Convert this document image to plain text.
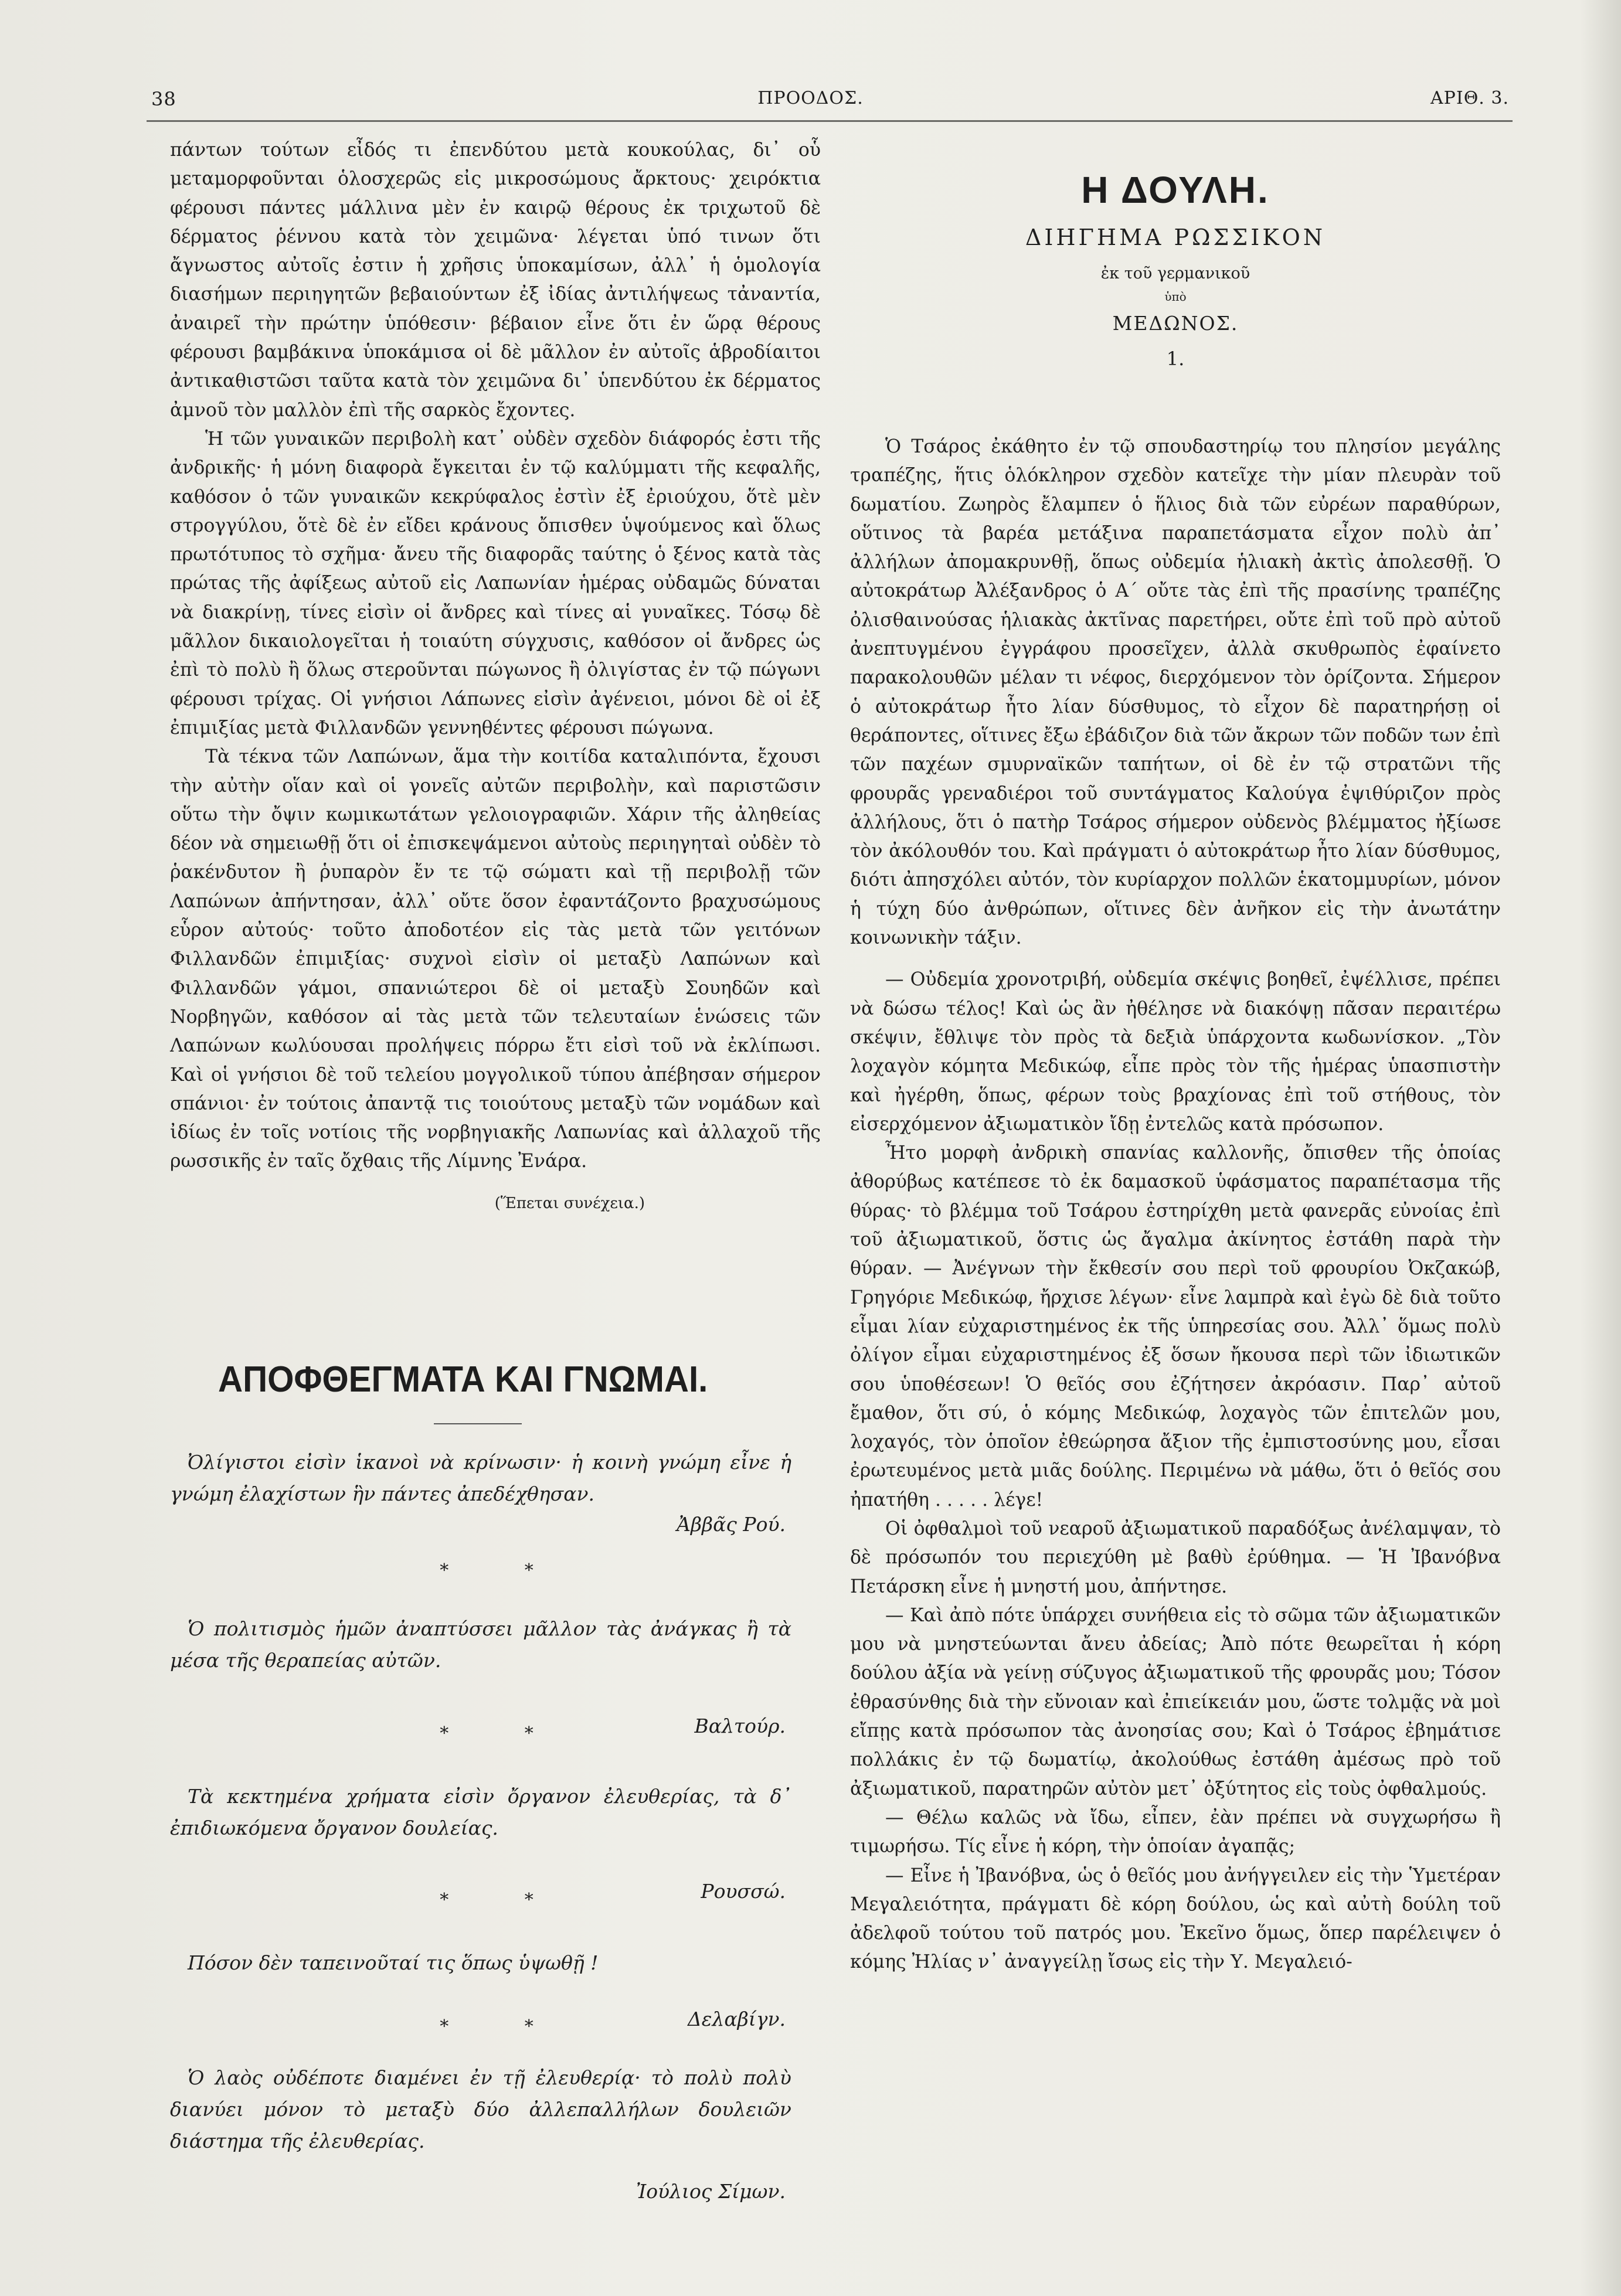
38	ΠΡΟΟΔΟΣ.	ΑΡΙΘ. 3.

πάντων τούτων εἶδός τι ἐπενδύτου μετὰ κουκούλας, δι᾿ οὗ μεταμορφοῦνται ὁλοσχερῶς εἰς μικροσώμους ἄρκτους· χειρόκτια φέρουσι πάντες μάλλινα μὲν ἐν καιρῷ θέρους ἐκ τριχωτοῦ δὲ δέρματος ῥέννου κατὰ τὸν χειμῶνα· λέγεται ὑπό τινων ὅτι ἄγνωστος αὐτοῖς ἐστιν ἡ χρῆσις ὑποκαμίσων, ἀλλ᾿ ἡ ὁμολογία διασήμων περιηγητῶν βεβαιούντων ἐξ ἰδίας ἀντιλήψεως τἀναντία, ἀναιρεῖ τὴν πρώτην ὑπόθεσιν· βέβαιον εἶνε ὅτι ἐν ὥρᾳ θέρους φέρουσι βαμβάκινα ὑποκάμισα οἱ δὲ μᾶλλον ἐν αὐτοῖς ἁβροδίαιτοι ἀντικαθιστῶσι ταῦτα κατὰ τὸν χειμῶνα δι᾿ ὑπενδύτου ἐκ δέρματος ἀμνοῦ τὸν μαλλὸν ἐπὶ τῆς σαρκὸς ἔχοντες.

Ἡ τῶν γυναικῶν περιβολὴ κατ᾿ οὐδὲν σχεδὸν διάφορός ἐστι τῆς ἀνδρικῆς· ἡ μόνη διαφορὰ ἔγκειται ἐν τῷ καλύμματι τῆς κεφαλῆς, καθόσον ὁ τῶν γυναικῶν κεκρύφαλος ἐστὶν ἐξ ἐριούχου, ὅτὲ μὲν στρογγύλου, ὅτὲ δὲ ἐν εἴδει κράνους ὄπισθεν ὑψούμενος καὶ ὅλως πρωτότυπος τὸ σχῆμα· ἄνευ τῆς διαφορᾶς ταύτης ὁ ξένος κατὰ τὰς πρώτας τῆς ἀφίξεως αὐτοῦ εἰς Λαπωνίαν ἡμέρας οὐδαμῶς δύναται νὰ διακρίνῃ, τίνες εἰσὶν οἱ ἄνδρες καὶ τίνες αἱ γυναῖκες. Τόσῳ δὲ μᾶλλον δικαιολογεῖται ἡ τοιαύτη σύγχυσις, καθόσον οἱ ἄνδρες ὡς ἐπὶ τὸ πολὺ ἢ ὅλως στεροῦνται πώγωνος ἢ ὀλιγίστας ἐν τῷ πώγωνι φέρουσι τρίχας. Οἱ γνήσιοι Λάπωνες εἰσὶν ἀγένειοι, μόνοι δὲ οἱ ἐξ ἐπιμιξίας μετὰ Φιλλανδῶν γεννηθέντες φέρουσι πώγωνα.

Τὰ τέκνα τῶν Λαπώνων, ἅμα τὴν κοιτίδα καταλιπόντα, ἔχουσι τὴν αὐτὴν οἵαν καὶ οἱ γονεῖς αὐτῶν περιβολὴν, καὶ παριστῶσιν οὕτω τὴν ὄψιν κωμικωτάτων γελοιογραφιῶν. Χάριν τῆς ἀληθείας δέον νὰ σημειωθῇ ὅτι οἱ ἐπισκεψάμενοι αὐτοὺς περιηγηταὶ οὐδὲν τὸ ῥακένδυτον ἢ ῥυπαρὸν ἔν τε τῷ σώματι καὶ τῇ περιβολῇ τῶν Λαπώνων ἀπήντησαν, ἀλλ᾿ οὔτε ὅσον ἐφαντάζοντο βραχυσώμους εὗρον αὐτούς· τοῦτο ἀποδοτέον εἰς τὰς μετὰ τῶν γειτόνων Φιλλανδῶν ἐπιμιξίας· συχνοὶ εἰσὶν οἱ μεταξὺ Λαπώνων καὶ Φιλλανδῶν γάμοι, σπανιώτεροι δὲ οἱ μεταξὺ Σουηδῶν καὶ Νορβηγῶν, καθόσον αἱ τὰς μετὰ τῶν τελευταίων ἑνώσεις τῶν Λαπώνων κωλύουσαι προλήψεις πόρρω ἔτι εἰσὶ τοῦ νὰ ἐκλίπωσι. Καὶ οἱ γνήσιοι δὲ τοῦ τελείου μογγολικοῦ τύπου ἀπέβησαν σήμερον σπάνιοι· ἐν τούτοις ἀπαντᾷ τις τοιούτους μεταξὺ τῶν νομάδων καὶ ἰδίως ἐν τοῖς νοτίοις τῆς νορβηγιακῆς Λαπωνίας καὶ ἀλλαχοῦ τῆς ρωσσικῆς ἐν ταῖς ὄχθαις τῆς Λίμνης Ἐνάρα.

(Ἕπεται συνέχεια.)
ΑΠΟΦΘΕΓΜΑΤΑ ΚΑΙ ΓΝΩΜΑΙ.
Ὀλίγιστοι εἰσὶν ἱκανοὶ νὰ κρίνωσιν· ἡ κοινὴ γνώμη εἶνε ἡ γνώμη ἐλαχίστων ἣν πάντες ἀπεδέχθησαν.
Ἀββᾶς Ρού.
* *
Ὁ πολιτισμὸς ἡμῶν ἀναπτύσσει μᾶλλον τὰς ἀνάγκας ἢ τὰ μέσα τῆς θεραπείας αὐτῶν.
* *	Βαλτούρ.
Τὰ κεκτημένα χρήματα εἰσὶν ὄργανον ἐλευθερίας, τὰ δ᾿ ἐπιδιωκόμενα ὄργανον δουλείας.
* *	Ρουσσώ.
Πόσον δὲν ταπεινοῦταί τις ὅπως ὑψωθῇ !
* *	Δελαβίγν.
Ὁ λαὸς οὐδέποτε διαμένει ἐν τῇ ἐλευθερίᾳ· τὸ πολὺ πολὺ διανύει μόνον τὸ μεταξὺ δύο ἀλλεπαλλήλων δουλειῶν διάστημα τῆς ἐλευθερίας.
Ἰούλιος Σίμων.
Η ΔΟΥΛΗ.
ΔΙΗΓΗΜΑ ΡΩΣΣΙΚΟΝ
ἐκ τοῦ γερμανικοῦ
ὑπὸ
ΜΕΔΩΝΟΣ.
1.

Ὁ Τσάρος ἐκάθητο ἐν τῷ σπουδαστηρίῳ του πλησίον μεγάλης τραπέζης, ἥτις ὁλόκληρον σχεδὸν κατεῖχε τὴν μίαν πλευρὰν τοῦ δωματίου. Ζωηρὸς ἔλαμπεν ὁ ἥλιος διὰ τῶν εὐρέων παραθύρων, οὕτινος τὰ βαρέα μετάξινα παραπετάσματα εἶχον πολὺ ἀπ᾿ ἀλλήλων ἀπομακρυνθῇ, ὅπως οὐδεμία ἡλιακὴ ἀκτὶς ἀπολεσθῇ. Ὁ αὐτοκράτωρ Ἀλέξανδρος ὁ Α´ οὔτε τὰς ἐπὶ τῆς πρασίνης τραπέζης ὀλισθαινούσας ἡλιακὰς ἀκτῖνας παρετήρει, οὔτε ἐπὶ τοῦ πρὸ αὐτοῦ ἀνεπτυγμένου ἐγγράφου προσεῖχεν, ἀλλὰ σκυθρωπὸς ἐφαίνετο παρακολουθῶν μέλαν τι νέφος, διερχόμενον τὸν ὁρίζοντα. Σήμερον ὁ αὐτοκράτωρ ἦτο λίαν δύσθυμος, τὸ εἶχον δὲ παρατηρήσῃ οἱ θεράποντες, οἵτινες ἔξω ἐβάδιζον διὰ τῶν ἄκρων τῶν ποδῶν των ἐπὶ τῶν παχέων σμυρναϊκῶν ταπήτων, οἱ δὲ ἐν τῷ στρατῶνι τῆς φρουρᾶς γρεναδιέροι τοῦ συντάγματος Καλούγα ἐψιθύριζον πρὸς ἀλλήλους, ὅτι ὁ πατὴρ Τσάρος σήμερον οὐδενὸς βλέμματος ἠξίωσε τὸν ἀκόλουθόν του. Καὶ πράγματι ὁ αὐτοκράτωρ ἦτο λίαν δύσθυμος, διότι ἀπησχόλει αὐτόν, τὸν κυρίαρχον πολλῶν ἑκατομμυρίων, μόνον ἡ τύχη δύο ἀνθρώπων, οἵτινες δὲν ἀνῆκον εἰς τὴν ἀνωτάτην κοινωνικὴν τάξιν.

— Οὐδεμία χρονοτριβή, οὐδεμία σκέψις βοηθεῖ, ἐψέλλισε, πρέπει νὰ δώσω τέλος! Καὶ ὡς ἂν ἠθέλησε νὰ διακόψῃ πᾶσαν περαιτέρω σκέψιν, ἔθλιψε τὸν πρὸς τὰ δεξιὰ ὑπάρχοντα κωδωνίσκον. „Τὸν λοχαγὸν κόμητα Μεδικώφ, εἶπε πρὸς τὸν τῆς ἡμέρας ὑπασπιστὴν καὶ ἠγέρθη, ὅπως, φέρων τοὺς βραχίονας ἐπὶ τοῦ στήθους, τὸν εἰσερχόμενον ἀξιωματικὸν ἴδῃ ἐντελῶς κατὰ πρόσωπον.

Ἦτο μορφὴ ἀνδρικὴ σπανίας καλλονῆς, ὄπισθεν τῆς ὁποίας ἀθορύβως κατέπεσε τὸ ἐκ δαμασκοῦ ὑφάσματος παραπέτασμα τῆς θύρας· τὸ βλέμμα τοῦ Τσάρου ἐστηρίχθη μετὰ φανερᾶς εὐνοίας ἐπὶ τοῦ ἀξιωματικοῦ, ὅστις ὡς ἄγαλμα ἀκίνητος ἐστάθη παρὰ τὴν θύραν. — Ἀνέγνων τὴν ἔκθεσίν σου περὶ τοῦ φρουρίου Ὀκζακώβ, Γρηγόριε Μεδικώφ, ἤρχισε λέγων· εἶνε λαμπρὰ καὶ ἐγὼ δὲ διὰ τοῦτο εἶμαι λίαν εὐχαριστημένος ἐκ τῆς ὑπηρεσίας σου. Ἀλλ᾿ ὅμως πολὺ ὀλίγον εἶμαι εὐχαριστημένος ἐξ ὅσων ἤκουσα περὶ τῶν ἰδιωτικῶν σου ὑποθέσεων! Ὁ θεῖός σου ἐζήτησεν ἀκρόασιν. Παρ᾿ αὐτοῦ ἔμαθον, ὅτι σύ, ὁ κόμης Μεδικώφ, λοχαγὸς τῶν ἐπιτελῶν μου, λοχαγός, τὸν ὁποῖον ἐθεώρησα ἄξιον τῆς ἐμπιστοσύνης μου, εἶσαι ἐρωτευμένος μετὰ μιᾶς δούλης. Περιμένω νὰ μάθω, ὅτι ὁ θεῖός σου ἠπατήθη . . . . . λέγε!

Οἱ ὀφθαλμοὶ τοῦ νεαροῦ ἀξιωματικοῦ παραδόξως ἀνέλαμψαν, τὸ δὲ πρόσωπόν του περιεχύθη μὲ βαθὺ ἐρύθημα. — Ἡ Ἰβανόβνα Πετάρσκη εἶνε ἡ μνηστή μου, ἀπήντησε.

— Καὶ ἀπὸ πότε ὑπάρχει συνήθεια εἰς τὸ σῶμα τῶν ἀξιωματικῶν μου νὰ μνηστεύωνται ἄνευ ἀδείας; Ἀπὸ πότε θεωρεῖται ἡ κόρη δούλου ἀξία νὰ γείνῃ σύζυγος ἀξιωματικοῦ τῆς φρουρᾶς μου; Τόσον ἐθρασύνθης διὰ τὴν εὔνοιαν καὶ ἐπιείκειάν μου, ὥστε τολμᾷς νὰ μοὶ εἴπῃς κατὰ πρόσωπον τὰς ἀνοησίας σου; Καὶ ὁ Τσάρος ἐβημάτισε πολλάκις ἐν τῷ δωματίῳ, ἀκολούθως ἐστάθη ἀμέσως πρὸ τοῦ ἀξιωματικοῦ, παρατηρῶν αὐτὸν μετ᾿ ὀξύτητος εἰς τοὺς ὀφθαλμούς.

— Θέλω καλῶς νὰ ἴδω, εἶπεν, ἐὰν πρέπει νὰ συγχωρήσω ἢ τιμωρήσω. Τίς εἶνε ἡ κόρη, τὴν ὁποίαν ἀγαπᾷς;

— Εἶνε ἡ Ἰβανόβνα, ὡς ὁ θεῖός μου ἀνήγγειλεν εἰς τὴν Ὑμετέραν Μεγαλειότητα, πράγματι δὲ κόρη δούλου, ὡς καὶ αὐτὴ δούλη τοῦ ἀδελφοῦ τούτου τοῦ πατρός μου. Ἐκεῖνο ὅμως, ὅπερ παρέλειψεν ὁ κόμης Ἠλίας ν᾿ ἀναγγείλῃ ἴσως εἰς τὴν Υ. Μεγαλειό-
